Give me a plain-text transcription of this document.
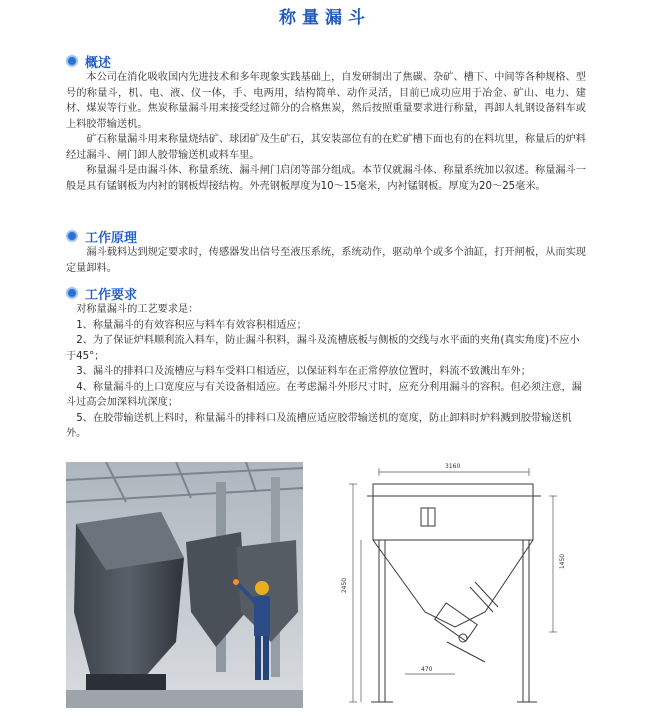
称量漏斗
概述

本公司在消化吸收国内先进技术和多年现象实践基础上，自发研制出了焦碳、杂矿、槽下、中间等各种规格、型号的称量斗，机、电、液、仪一体，手、电两用，结构简单、动作灵活，目前已成功应用于冶金、矿山、电力、建材、煤炭等行业。焦炭称量漏斗用来接受经过筛分的合格焦炭，然后按照重量要求进行称量，再卸人轧钢设备料车或上料胶带输送机。

矿石称量漏斗用来称量烧结矿、球团矿及生矿石，其安装部位有的在贮矿槽下面也有的在料坑里，称量后的炉料经过漏斗、闸门卸人胶带输送机或料车里。

称量漏斗是由漏斗体、称量系统、漏斗闸门启闭等部分组成。本节仅就漏斗体、称量系统加以叙述。称量漏斗一般是具有锰钢板为内衬的钢板焊接结构。外壳钢板厚度为10～15毫米，内衬锰钢板。厚度为20～25毫米。

工作原理

漏斗载料达到规定要求时，传感器发出信号至液压系统，系统动作，驱动单个或多个油缸，打开闸板，从而实现定量卸料。

工作要求

对称量漏斗的工艺要求是：

1、称量漏斗的有效容积应与料车有效容积相适应；

2、为了保证炉料顺利流入料车，防止漏斗积料，漏斗及流槽底板与侧板的交线与水平面的夹角(真实角度)不应小于45°；

3、漏斗的排料口及流槽应与料车受料口相适应，以保证料车在正常停放位置时，料流不致溅出车外；

4、称量漏斗的上口宽度应与有关设备相适应。在考虑漏斗外形尺寸时，应充分利用漏斗的容积。但必须注意，漏斗过高会加深料坑深度；

5、在胶带输送机上料时，称量漏斗的排料口及流槽应适应胶带输送机的宽度，防止卸料时炉料溅到胶带输送机外。

470
2450
1450
3160
